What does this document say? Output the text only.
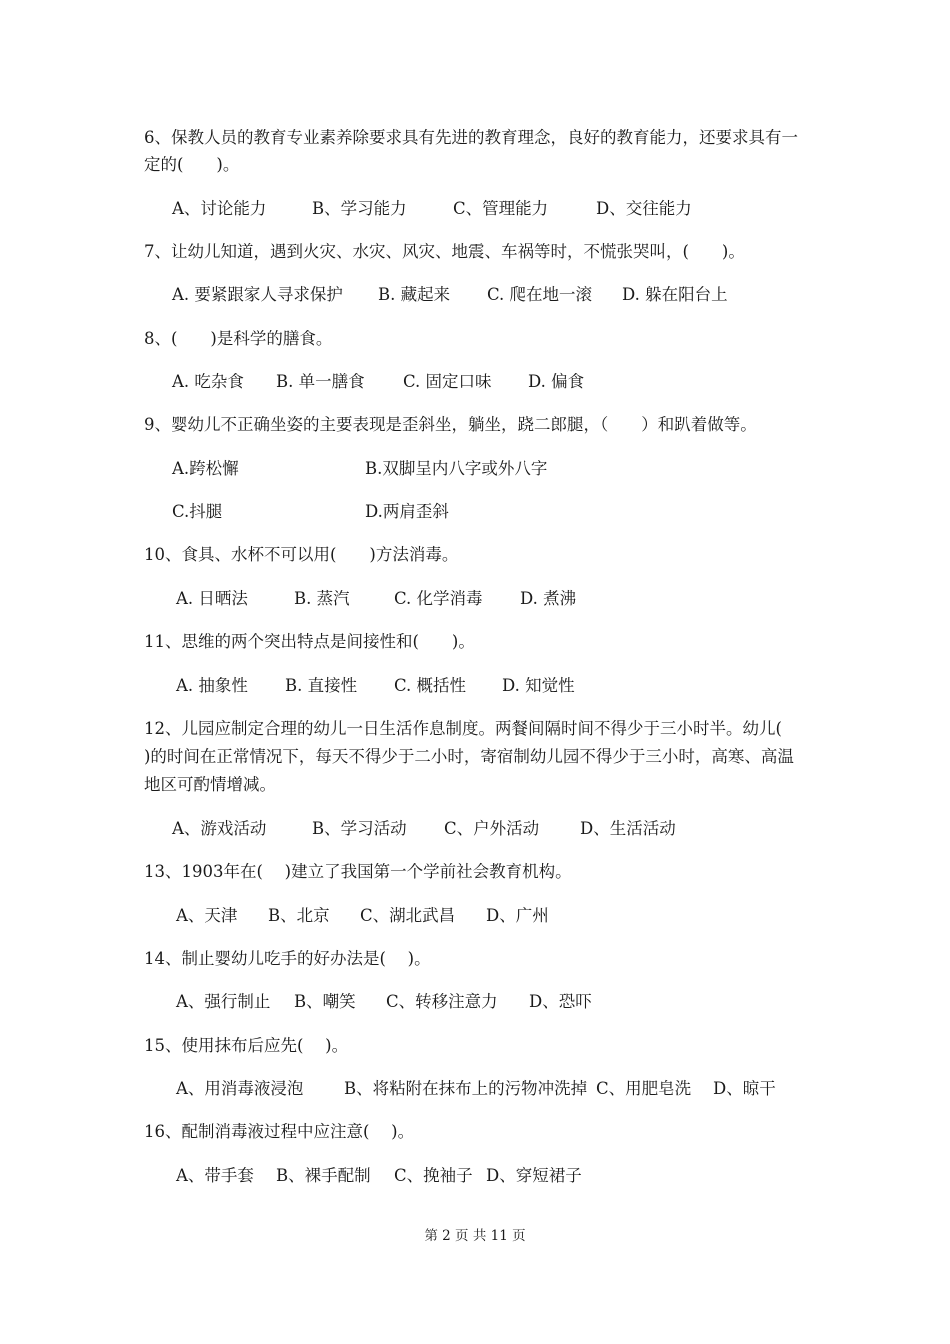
6、保教人员的教育专业素养除要求具有先进的教育理念，良好的教育能力，还要求具有一
定的(　　)。
A、讨论能力	B、学习能力	C、管理能力	D、交往能力
7、让幼儿知道，遇到火灾、水灾、风灾、地震、车祸等时，不慌张哭叫，(　　)。
A. 要紧跟家人寻求保护 B. 藏起来 C. 爬在地一滚 D. 躲在阳台上
8、(　　)是科学的膳食。
A. 吃杂食 B. 单一膳食 C. 固定口味 D. 偏食
9、婴幼儿不正确坐姿的主要表现是歪斜坐，躺坐，跷二郎腿，（　　）和趴着做等。
A.跨松懈	B.双脚呈内八字或外八字
C.抖腿	D.两肩歪斜
10、食具、水杯不可以用(　　)方法消毒。
A. 日晒法	B. 蒸汽	C. 化学消毒 D. 煮沸
11、思维的两个突出特点是间接性和(　　)。
A. 抽象性 B. 直接性 C. 概括性 D. 知觉性
12、儿园应制定合理的幼儿一日生活作息制度。两餐间隔时间不得少于三小时半。幼儿(
)的时间在正常情况下，每天不得少于二小时，寄宿制幼儿园不得少于三小时，高寒、高温
地区可酌情增减。
A、游戏活动	B、学习活动 C、户外活动 D、生活活动
13、1903年在(　 )建立了我国第一个学前社会教育机构。
A、天津 B、北京 C、湖北武昌 D、广州
14、制止婴幼儿吃手的好办法是(　 )。
A、强行制止 B、嘲笑 C、转移注意力 D、恐吓
15、使用抹布后应先(　 )。
A、用消毒液浸泡 B、将粘附在抹布上的污物冲洗掉 C、用肥皂洗 D、晾干
16、配制消毒液过程中应注意(　 )。
A、带手套 B、裸手配制 C、挽袖子 D、穿短裙子
第 2 页 共 11 页
